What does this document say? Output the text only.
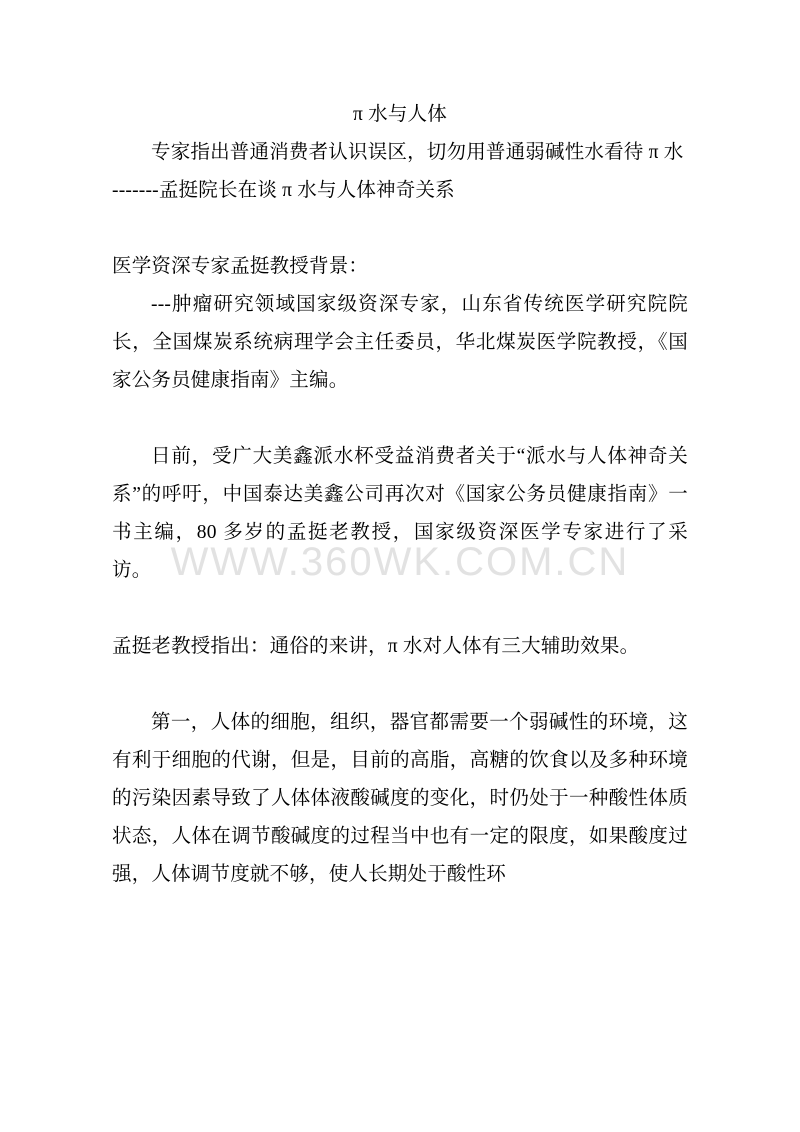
WWW.360WK.COM.CN

π 水与人体

专家指出普通消费者认识误区，切勿用普通弱碱性水看待 π 水

-------孟挺院长在谈 π 水与人体神奇关系

医学资深专家孟挺教授背景：

---肿瘤研究领域国家级资深专家，山东省传统医学研究院院长，全国煤炭系统病理学会主任委员，华北煤炭医学院教授，《国家公务员健康指南》主编。

日前，受广大美鑫派水杯受益消费者关于“派水与人体神奇关系”的呼吁，中国泰达美鑫公司再次对《国家公务员健康指南》一书主编，80 多岁的孟挺老教授，国家级资深医学专家进行了采访。

孟挺老教授指出：通俗的来讲，π 水对人体有三大辅助效果。

第一，人体的细胞，组织，器官都需要一个弱碱性的环境，这有利于细胞的代谢，但是，目前的高脂，高糖的饮食以及多种环境的污染因素导致了人体体液酸碱度的变化，时仍处于一种酸性体质状态，人体在调节酸碱度的过程当中也有一定的限度，如果酸度过强，人体调节度就不够，使人长期处于酸性环
